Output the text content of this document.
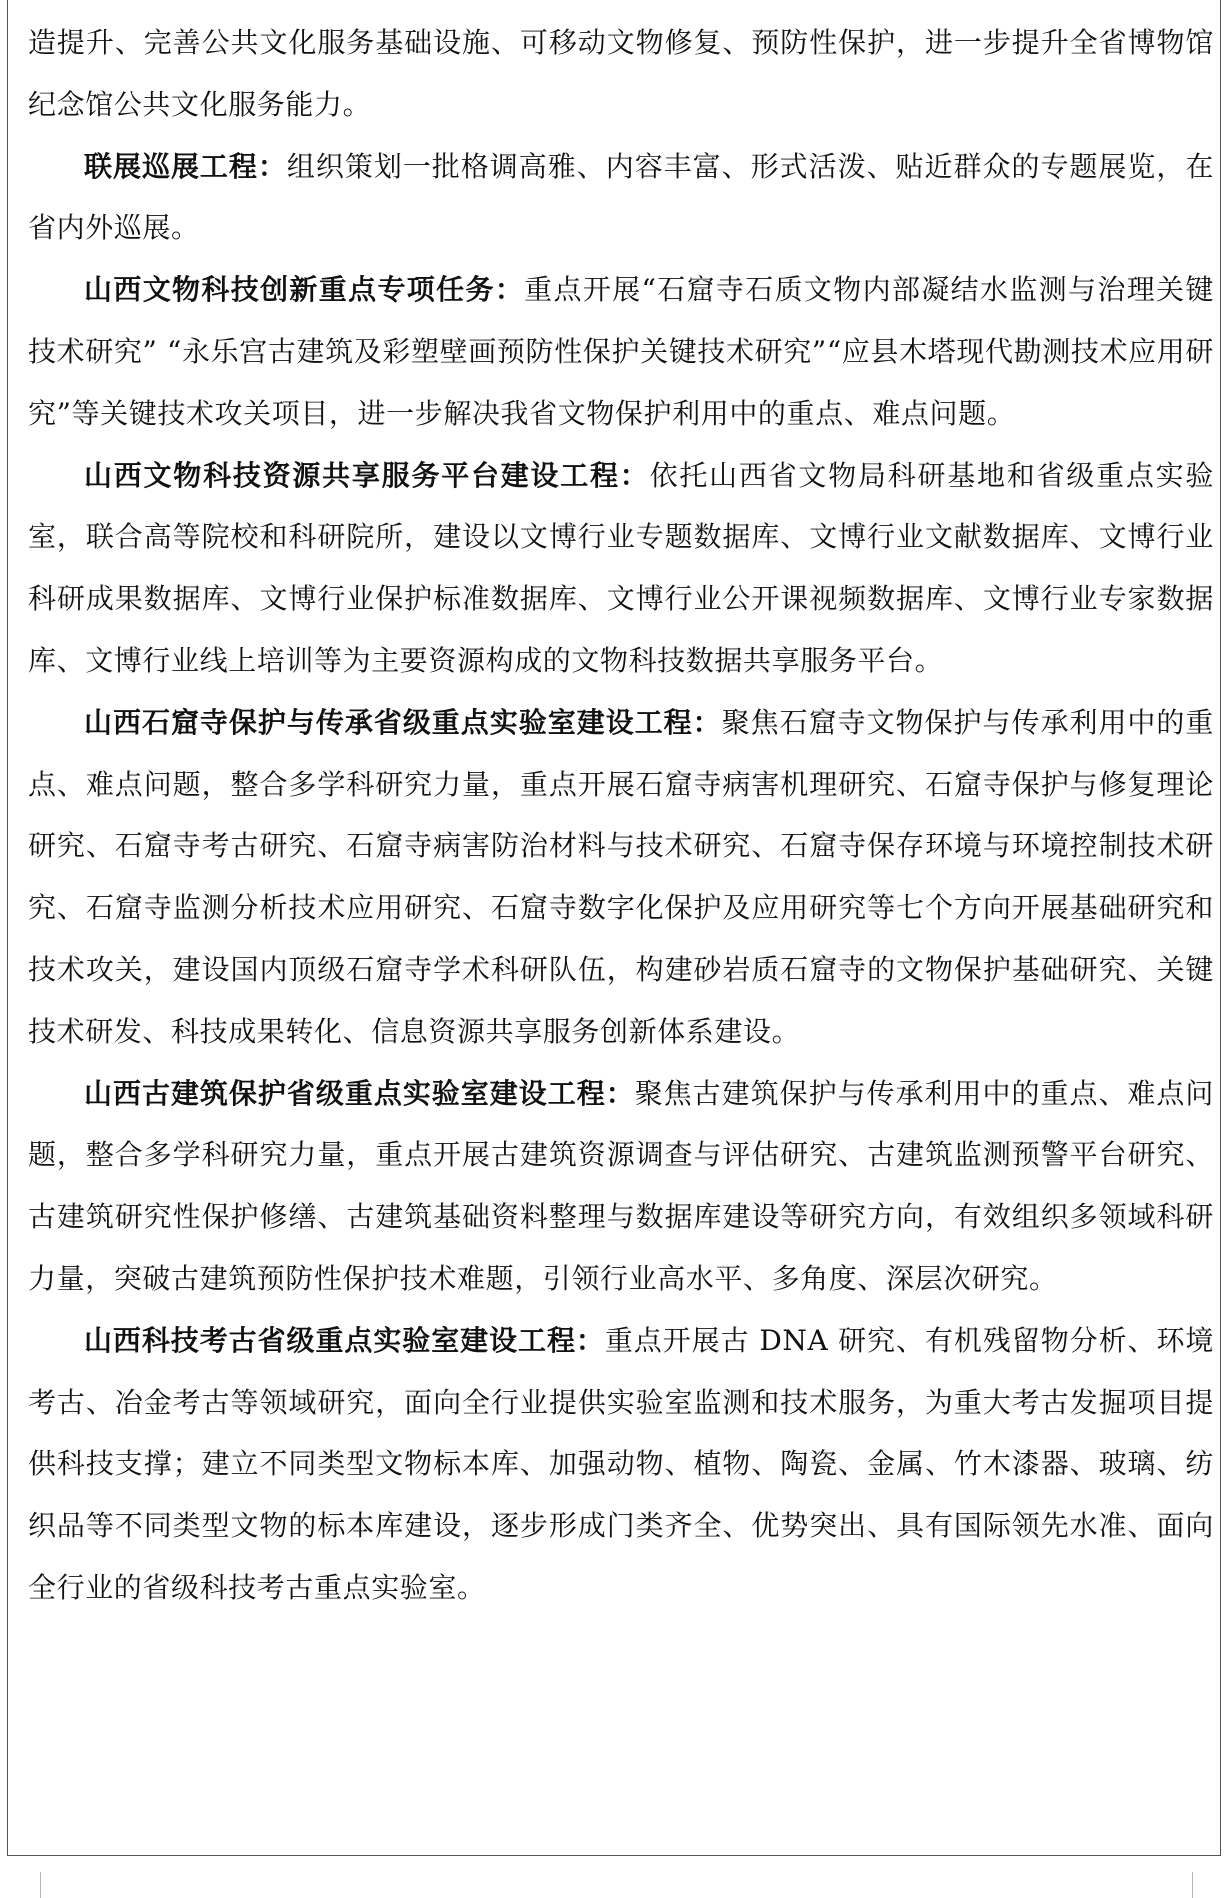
造提升、完善公共文化服务基础设施、可移动文物修复、预防性保护，进一步提升全省博物馆纪念馆公共文化服务能力。

联展巡展工程：组织策划一批格调高雅、内容丰富、形式活泼、贴近群众的专题展览，在省内外巡展。

山西文物科技创新重点专项任务：重点开展“石窟寺石质文物内部凝结水监测与治理关键技术研究” “永乐宫古建筑及彩塑壁画预防性保护关键技术研究”“应县木塔现代勘测技术应用研究”等关键技术攻关项目，进一步解决我省文物保护利用中的重点、难点问题。

山西文物科技资源共享服务平台建设工程：依托山西省文物局科研基地和省级重点实验室，联合高等院校和科研院所，建设以文博行业专题数据库、文博行业文献数据库、文博行业科研成果数据库、文博行业保护标准数据库、文博行业公开课视频数据库、文博行业专家数据库、文博行业线上培训等为主要资源构成的文物科技数据共享服务平台。

山西石窟寺保护与传承省级重点实验室建设工程：聚焦石窟寺文物保护与传承利用中的重点、难点问题，整合多学科研究力量，重点开展石窟寺病害机理研究、石窟寺保护与修复理论研究、石窟寺考古研究、石窟寺病害防治材料与技术研究、石窟寺保存环境与环境控制技术研究、石窟寺监测分析技术应用研究、石窟寺数字化保护及应用研究等七个方向开展基础研究和技术攻关，建设国内顶级石窟寺学术科研队伍，构建砂岩质石窟寺的文物保护基础研究、关键技术研发、科技成果转化、信息资源共享服务创新体系建设。

山西古建筑保护省级重点实验室建设工程：聚焦古建筑保护与传承利用中的重点、难点问题，整合多学科研究力量，重点开展古建筑资源调查与评估研究、古建筑监测预警平台研究、古建筑研究性保护修缮、古建筑基础资料整理与数据库建设等研究方向，有效组织多领域科研力量，突破古建筑预防性保护技术难题，引领行业高水平、多角度、深层次研究。

山西科技考古省级重点实验室建设工程：重点开展古 DNA 研究、有机残留物分析、环境考古、冶金考古等领域研究，面向全行业提供实验室监测和技术服务，为重大考古发掘项目提供科技支撑；建立不同类型文物标本库、加强动物、植物、陶瓷、金属、竹木漆器、玻璃、纺织品等不同类型文物的标本库建设，逐步形成门类齐全、优势突出、具有国际领先水准、面向全行业的省级科技考古重点实验室。
